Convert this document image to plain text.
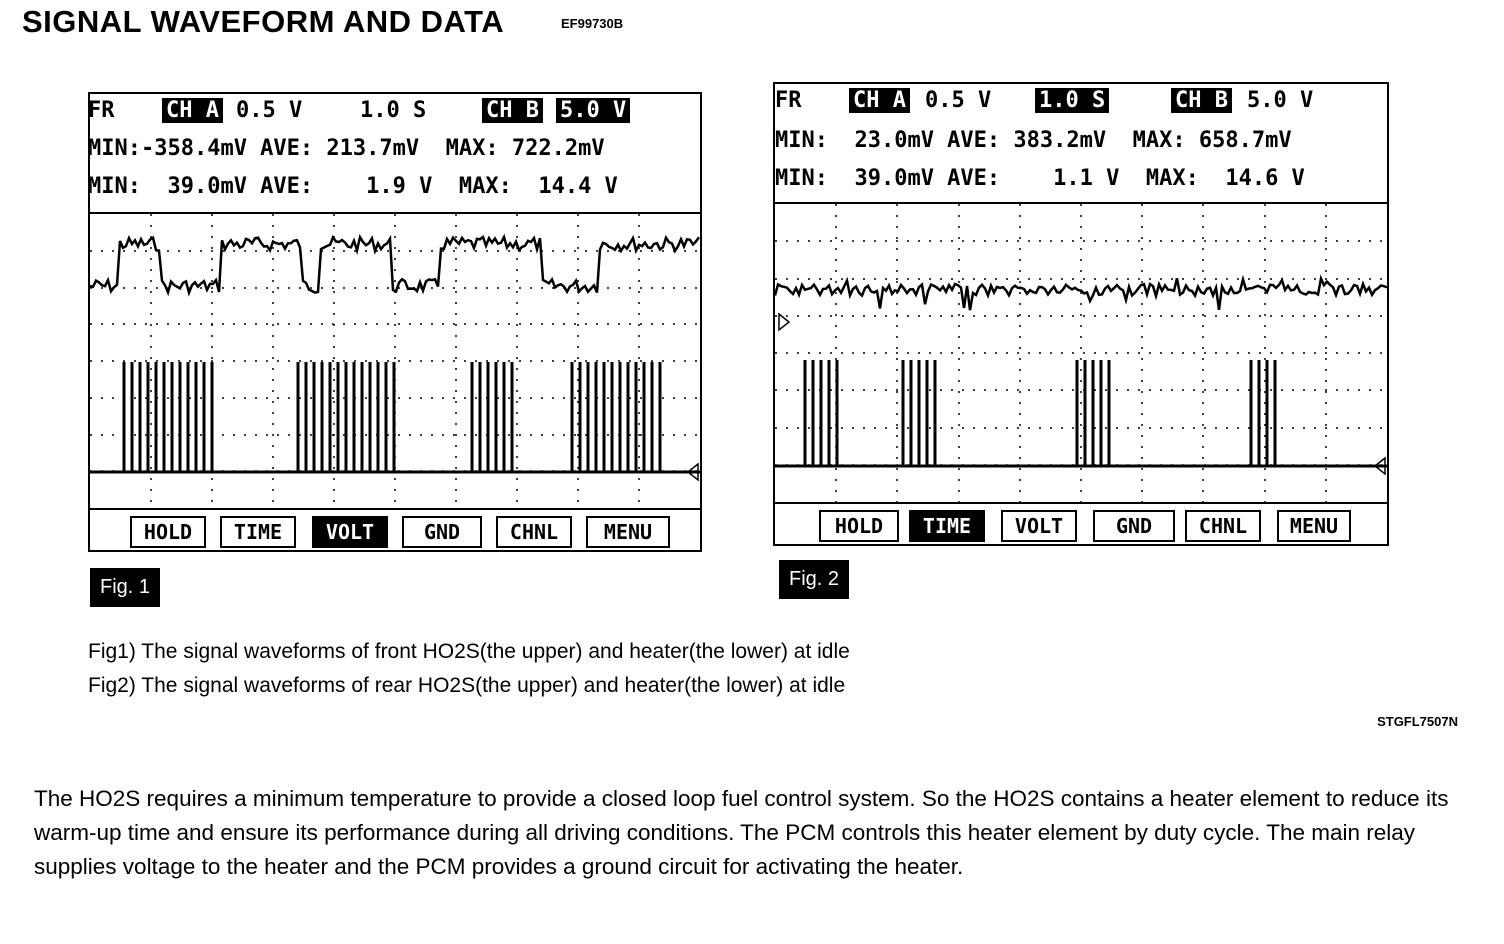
SIGNAL WAVEFORM AND DATA	EF99730B

FR

CH A

0.5 V

	1.0 S

	CH B

5.0 V

MIN:-358.4mV AVE: 213.7mV  MAX: 722.2mV
MIN:  39.0mV AVE:    1.9 V  MAX:  14.4 V
HOLD	TIME	VOLT	GND	CHNL	MENU
Fig. 1

FR

CH A

0.5 V

1.0 S

	CH B

5.0 V

MIN:  23.0mV AVE: 383.2mV  MAX: 658.7mV
MIN:  39.0mV AVE:    1.1 V  MAX:  14.6 V
HOLD	TIME	VOLT	GND	CHNL	MENU
Fig. 2
Fig1) The signal waveforms of front HO2S(the upper) and heater(the lower) at idle
Fig2) The signal waveforms of rear HO2S(the upper) and heater(the lower) at idle
STGFL7507N
The HO2S requires a minimum temperature to provide a closed loop fuel control system. So the HO2S contains a heater element to reduce its warm-up time and ensure its performance during all driving conditions. The PCM controls this heater element by duty cycle. The main relay supplies voltage to the heater and the PCM provides a ground circuit for activating the heater.
